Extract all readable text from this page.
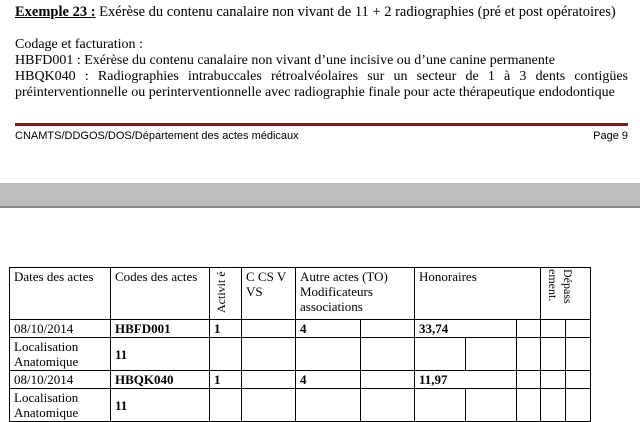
Exemple 23 : Exérèse du contenu canalaire non vivant de 11 + 2 radiographies (pré et post opératoires)
Codage et facturation :
HBFD001 : Exérèse du contenu canalaire non vivant d’une incisive ou d’une canine permanente
HBQK040 : Radiographies intrabuccales rétroalvéolaires sur un secteur de 1 à 3 dents contigües
préinterventionnelle ou perinterventionnelle avec radiographie finale pour acte thérapeutique endodontique
CNAMTS/DDGOS/DOS/Département des actes médicaux	Page 9
Dates des actes	Codes des actes	Activit é	C CS V VS	Autre actes (TO) Modificateurs associations		Honoraires			Dépass ement.	

08/10/2014	HBFD001	1		4		33,74				
Localisation Anatomique	11									
08/10/2014	HBQK040	1		4		11,97				
Localisation Anatomique	11									
